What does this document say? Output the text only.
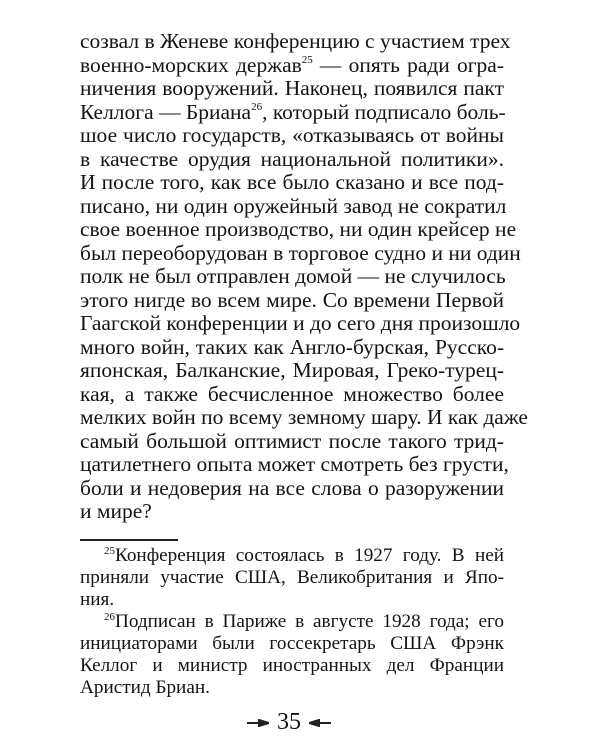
созвал в Женеве конференцию с участием трех
военно-морских держав$^{25}$ — опять ради огра-
ничения вооружений. Наконец, появился пакт
Келлога — Бриана$^{26}$, который подписало боль-
шое число государств, «отказываясь от войны
в качестве орудия национальной политики».
И после того, как все было сказано и все под-
писано, ни один оружейный завод не сократил
свое военное производство, ни один крейсер не
был переоборудован в торговое судно и ни один
полк не был отправлен домой — не случилось
этого нигде во всем мире. Со времени Первой
Гаагской конференции и до сего дня произошло
много войн, таких как Англо-бурская, Русско-
японская, Балканские, Мировая, Греко-турец-
кая, а также бесчисленное множество более
мелких войн по всему земному шару. И как даже
самый большой оптимист после такого трид-
цатилетнего опыта может смотреть без грусти,
боли и недоверия на все слова о разоружении
и мире?
$^{25}$Конференция состоялась в 1927 году. В ней
приняли участие США, Великобритания и Япо-
ния.
$^{26}$Подписан в Париже в августе 1928 года; его
инициаторами были госсекретарь США Фрэнк
Келлог и министр иностранных дел Франции
Аристид Бриан.
35
